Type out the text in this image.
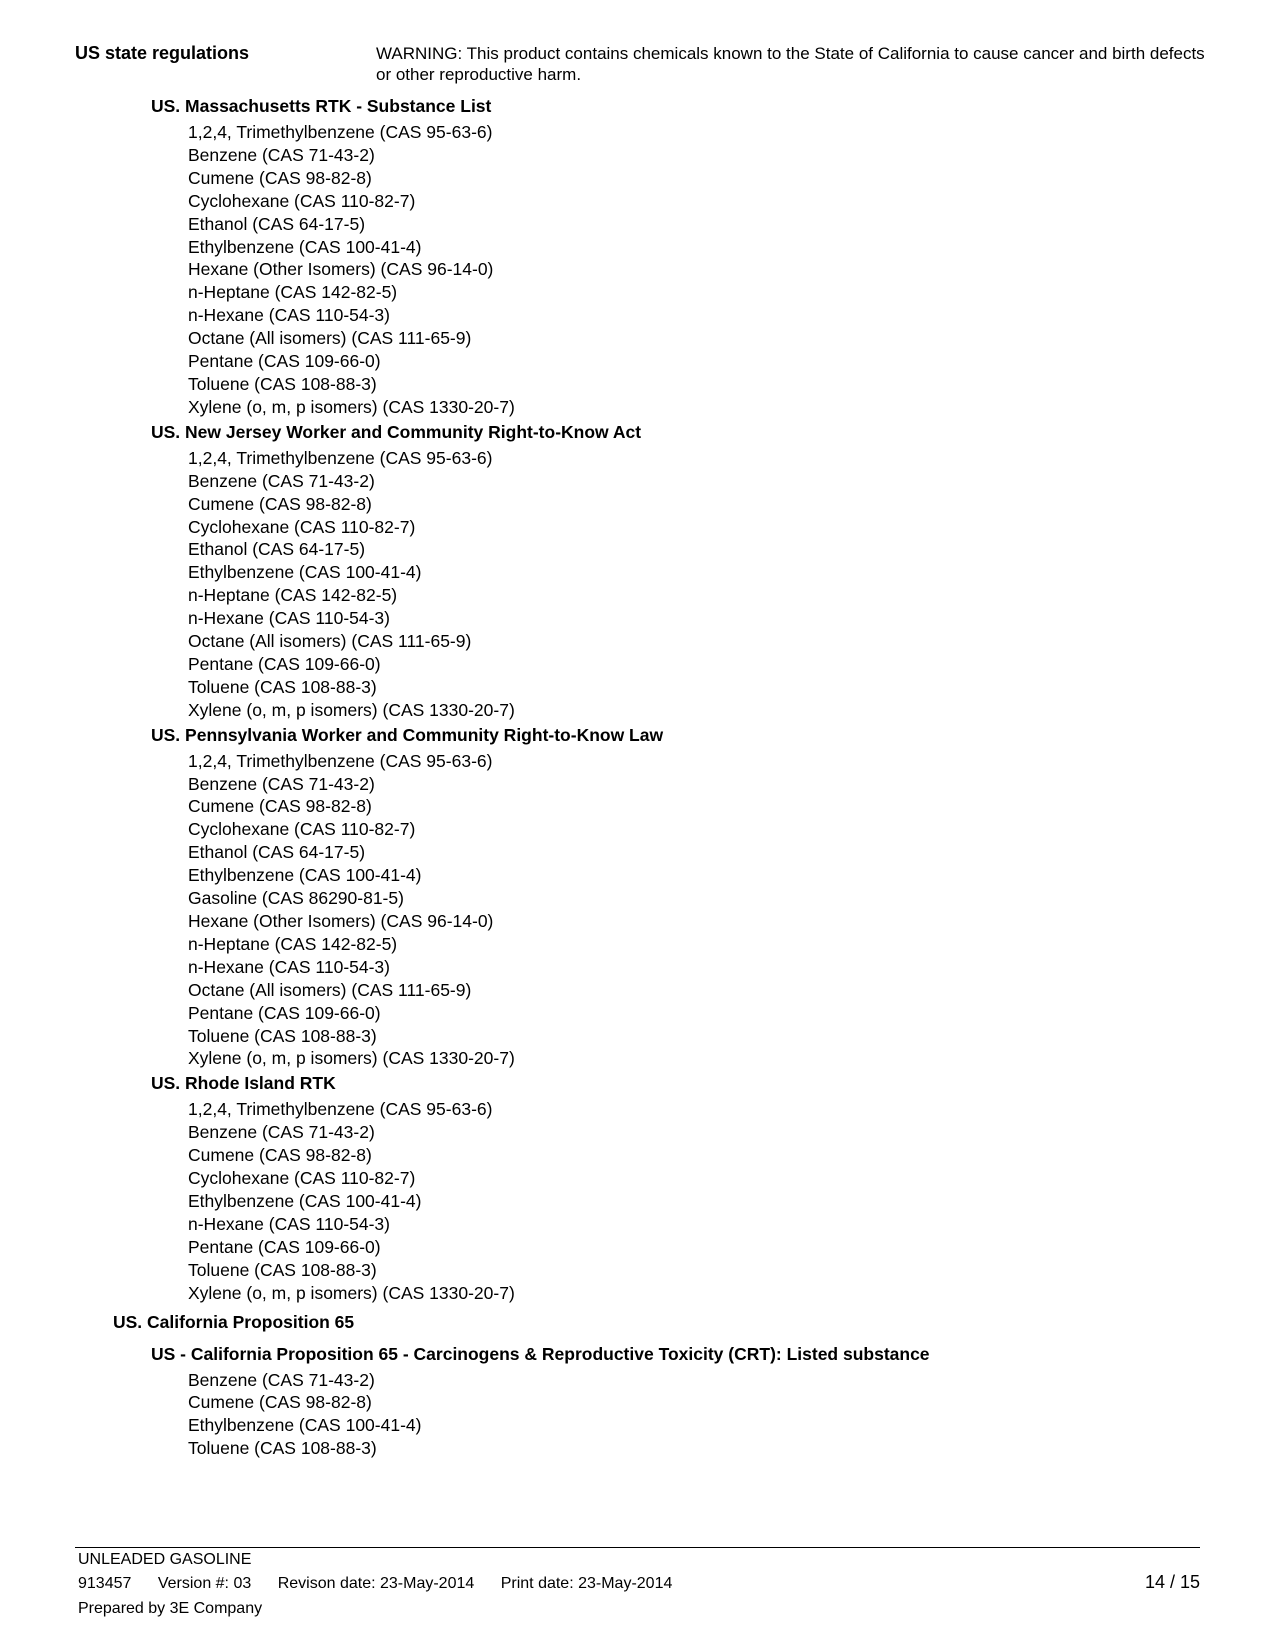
US state regulations	WARNING: This product contains chemicals known to the State of California to cause cancer and birth defects or other reproductive harm.
US. Massachusetts RTK - Substance List
1,2,4, Trimethylbenzene (CAS 95-63-6)
Benzene (CAS 71-43-2)
Cumene (CAS 98-82-8)
Cyclohexane (CAS 110-82-7)
Ethanol (CAS 64-17-5)
Ethylbenzene (CAS 100-41-4)
Hexane (Other Isomers) (CAS 96-14-0)
n-Heptane (CAS 142-82-5)
n-Hexane (CAS 110-54-3)
Octane (All isomers) (CAS 111-65-9)
Pentane (CAS 109-66-0)
Toluene (CAS 108-88-3)
Xylene (o, m, p isomers) (CAS 1330-20-7)
US. New Jersey Worker and Community Right-to-Know Act
1,2,4, Trimethylbenzene (CAS 95-63-6)
Benzene (CAS 71-43-2)
Cumene (CAS 98-82-8)
Cyclohexane (CAS 110-82-7)
Ethanol (CAS 64-17-5)
Ethylbenzene (CAS 100-41-4)
n-Heptane (CAS 142-82-5)
n-Hexane (CAS 110-54-3)
Octane (All isomers) (CAS 111-65-9)
Pentane (CAS 109-66-0)
Toluene (CAS 108-88-3)
Xylene (o, m, p isomers) (CAS 1330-20-7)
US. Pennsylvania Worker and Community Right-to-Know Law
1,2,4, Trimethylbenzene (CAS 95-63-6)
Benzene (CAS 71-43-2)
Cumene (CAS 98-82-8)
Cyclohexane (CAS 110-82-7)
Ethanol (CAS 64-17-5)
Ethylbenzene (CAS 100-41-4)
Gasoline (CAS 86290-81-5)
Hexane (Other Isomers) (CAS 96-14-0)
n-Heptane (CAS 142-82-5)
n-Hexane (CAS 110-54-3)
Octane (All isomers) (CAS 111-65-9)
Pentane (CAS 109-66-0)
Toluene (CAS 108-88-3)
Xylene (o, m, p isomers) (CAS 1330-20-7)
US. Rhode Island RTK
1,2,4, Trimethylbenzene (CAS 95-63-6)
Benzene (CAS 71-43-2)
Cumene (CAS 98-82-8)
Cyclohexane (CAS 110-82-7)
Ethylbenzene (CAS 100-41-4)
n-Hexane (CAS 110-54-3)
Pentane (CAS 109-66-0)
Toluene (CAS 108-88-3)
Xylene (o, m, p isomers) (CAS 1330-20-7)
US. California Proposition 65
US - California Proposition 65 - Carcinogens & Reproductive Toxicity (CRT): Listed substance
Benzene (CAS 71-43-2)
Cumene (CAS 98-82-8)
Ethylbenzene (CAS 100-41-4)
Toluene (CAS 108-88-3)
UNLEADED GASOLINE
913457 Version #: 03 Revison date: 23-May-2014 Print date: 23-May-2014
Prepared by 3E Company
14 / 15
